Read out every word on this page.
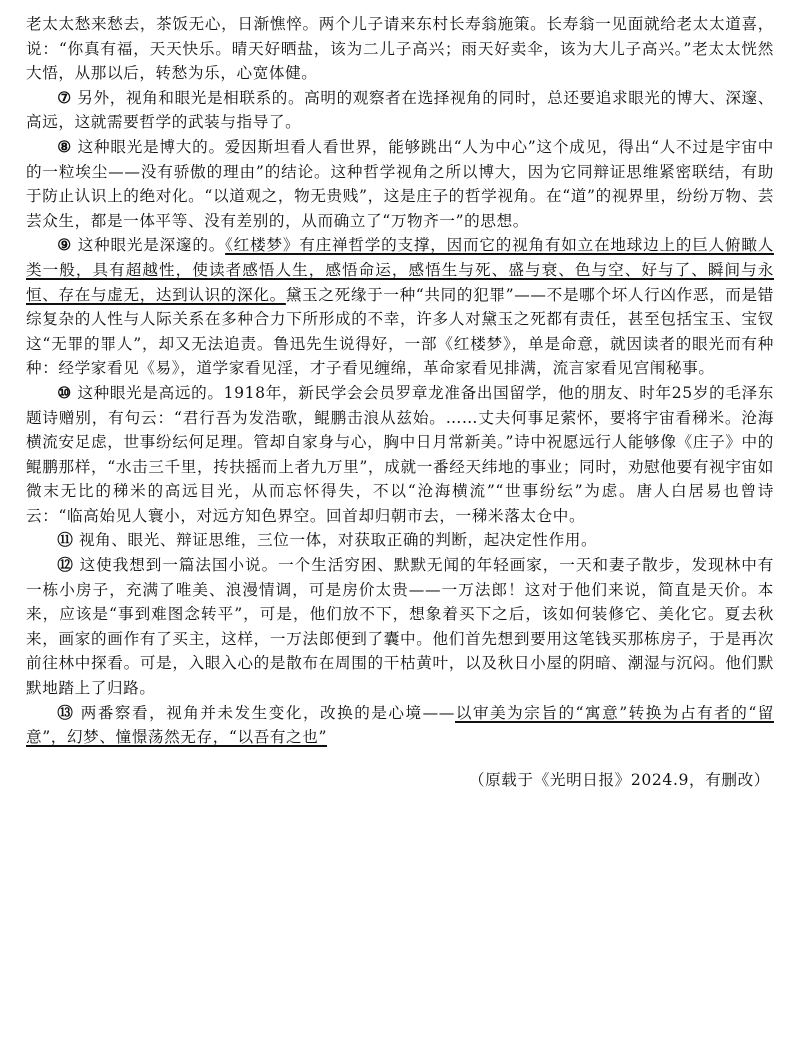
老太太愁来愁去，茶饭无心，日渐憔悴。两个儿子请来东村长寿翁施策。长寿翁一见面就给老太太道喜，说：“你真有福，天天快乐。晴天好晒盐，该为二儿子高兴；雨天好卖伞，该为大儿子高兴。”老太太恍然大悟，从那以后，转愁为乐，心宽体健。

⑦ 另外，视角和眼光是相联系的。高明的观察者在选择视角的同时，总还要追求眼光的博大、深邃、高远，这就需要哲学的武装与指导了。

⑧ 这种眼光是博大的。爱因斯坦看人看世界，能够跳出“人为中心”这个成见，得出“人不过是宇宙中的一粒埃尘——没有骄傲的理由”的结论。这种哲学视角之所以博大，因为它同辩证思维紧密联结，有助于防止认识上的绝对化。“以道观之，物无贵贱”，这是庄子的哲学视角。在“道”的视界里，纷纷万物、芸芸众生，都是一体平等、没有差别的，从而确立了“万物齐一”的思想。

⑨ 这种眼光是深邃的。《红楼梦》有庄禅哲学的支撑，因而它的视角有如立在地球边上的巨人俯瞰人类一般，具有超越性，使读者感悟人生，感悟命运，感悟生与死、盛与衰、色与空、好与了、瞬间与永恒、存在与虚无，达到认识的深化。黛玉之死缘于一种“共同的犯罪”——不是哪个坏人行凶作恶，而是错综复杂的人性与人际关系在多种合力下所形成的不幸，许多人对黛玉之死都有责任，甚至包括宝玉、宝钗这“无罪的罪人”，却又无法追责。鲁迅先生说得好，一部《红楼梦》，单是命意，就因读者的眼光而有种种：经学家看见《易》，道学家看见淫，才子看见缠绵，革命家看见排满，流言家看见宫闱秘事。

⑩ 这种眼光是高远的。1918年，新民学会会员罗章龙准备出国留学，他的朋友、时年25岁的毛泽东题诗赠别，有句云：“君行吾为发浩歌，鲲鹏击浪从兹始。……丈夫何事足萦怀，要将宇宙看稊米。沧海横流安足虑，世事纷纭何足理。管却自家身与心，胸中日月常新美。”诗中祝愿远行人能够像《庄子》中的鲲鹏那样，“水击三千里，抟扶摇而上者九万里”，成就一番经天纬地的事业；同时，劝慰他要有视宇宙如微末无比的稊米的高远目光，从而忘怀得失，不以“沧海横流”“世事纷纭”为虑。唐人白居易也曾诗云：“临高始见人寰小，对远方知色界空。回首却归朝市去，一稊米落太仓中。

⑪ 视角、眼光、辩证思维，三位一体，对获取正确的判断，起决定性作用。

⑫ 这使我想到一篇法国小说。一个生活穷困、默默无闻的年轻画家，一天和妻子散步，发现林中有一栋小房子，充满了唯美、浪漫情调，可是房价太贵——一万法郎！这对于他们来说，简直是天价。本来，应该是“事到难图念转平”，可是，他们放不下，想象着买下之后，该如何装修它、美化它。夏去秋来，画家的画作有了买主，这样，一万法郎便到了囊中。他们首先想到要用这笔钱买那栋房子，于是再次前往林中探看。可是，入眼入心的是散布在周围的干枯黄叶，以及秋日小屋的阴暗、潮湿与沉闷。他们默默地踏上了归路。

⑬ 两番察看，视角并未发生变化，改换的是心境——以审美为宗旨的“寓意”转换为占有者的“留意”，幻梦、憧憬荡然无存，“以吾有之也”

（原载于《光明日报》2024.9，有删改）
